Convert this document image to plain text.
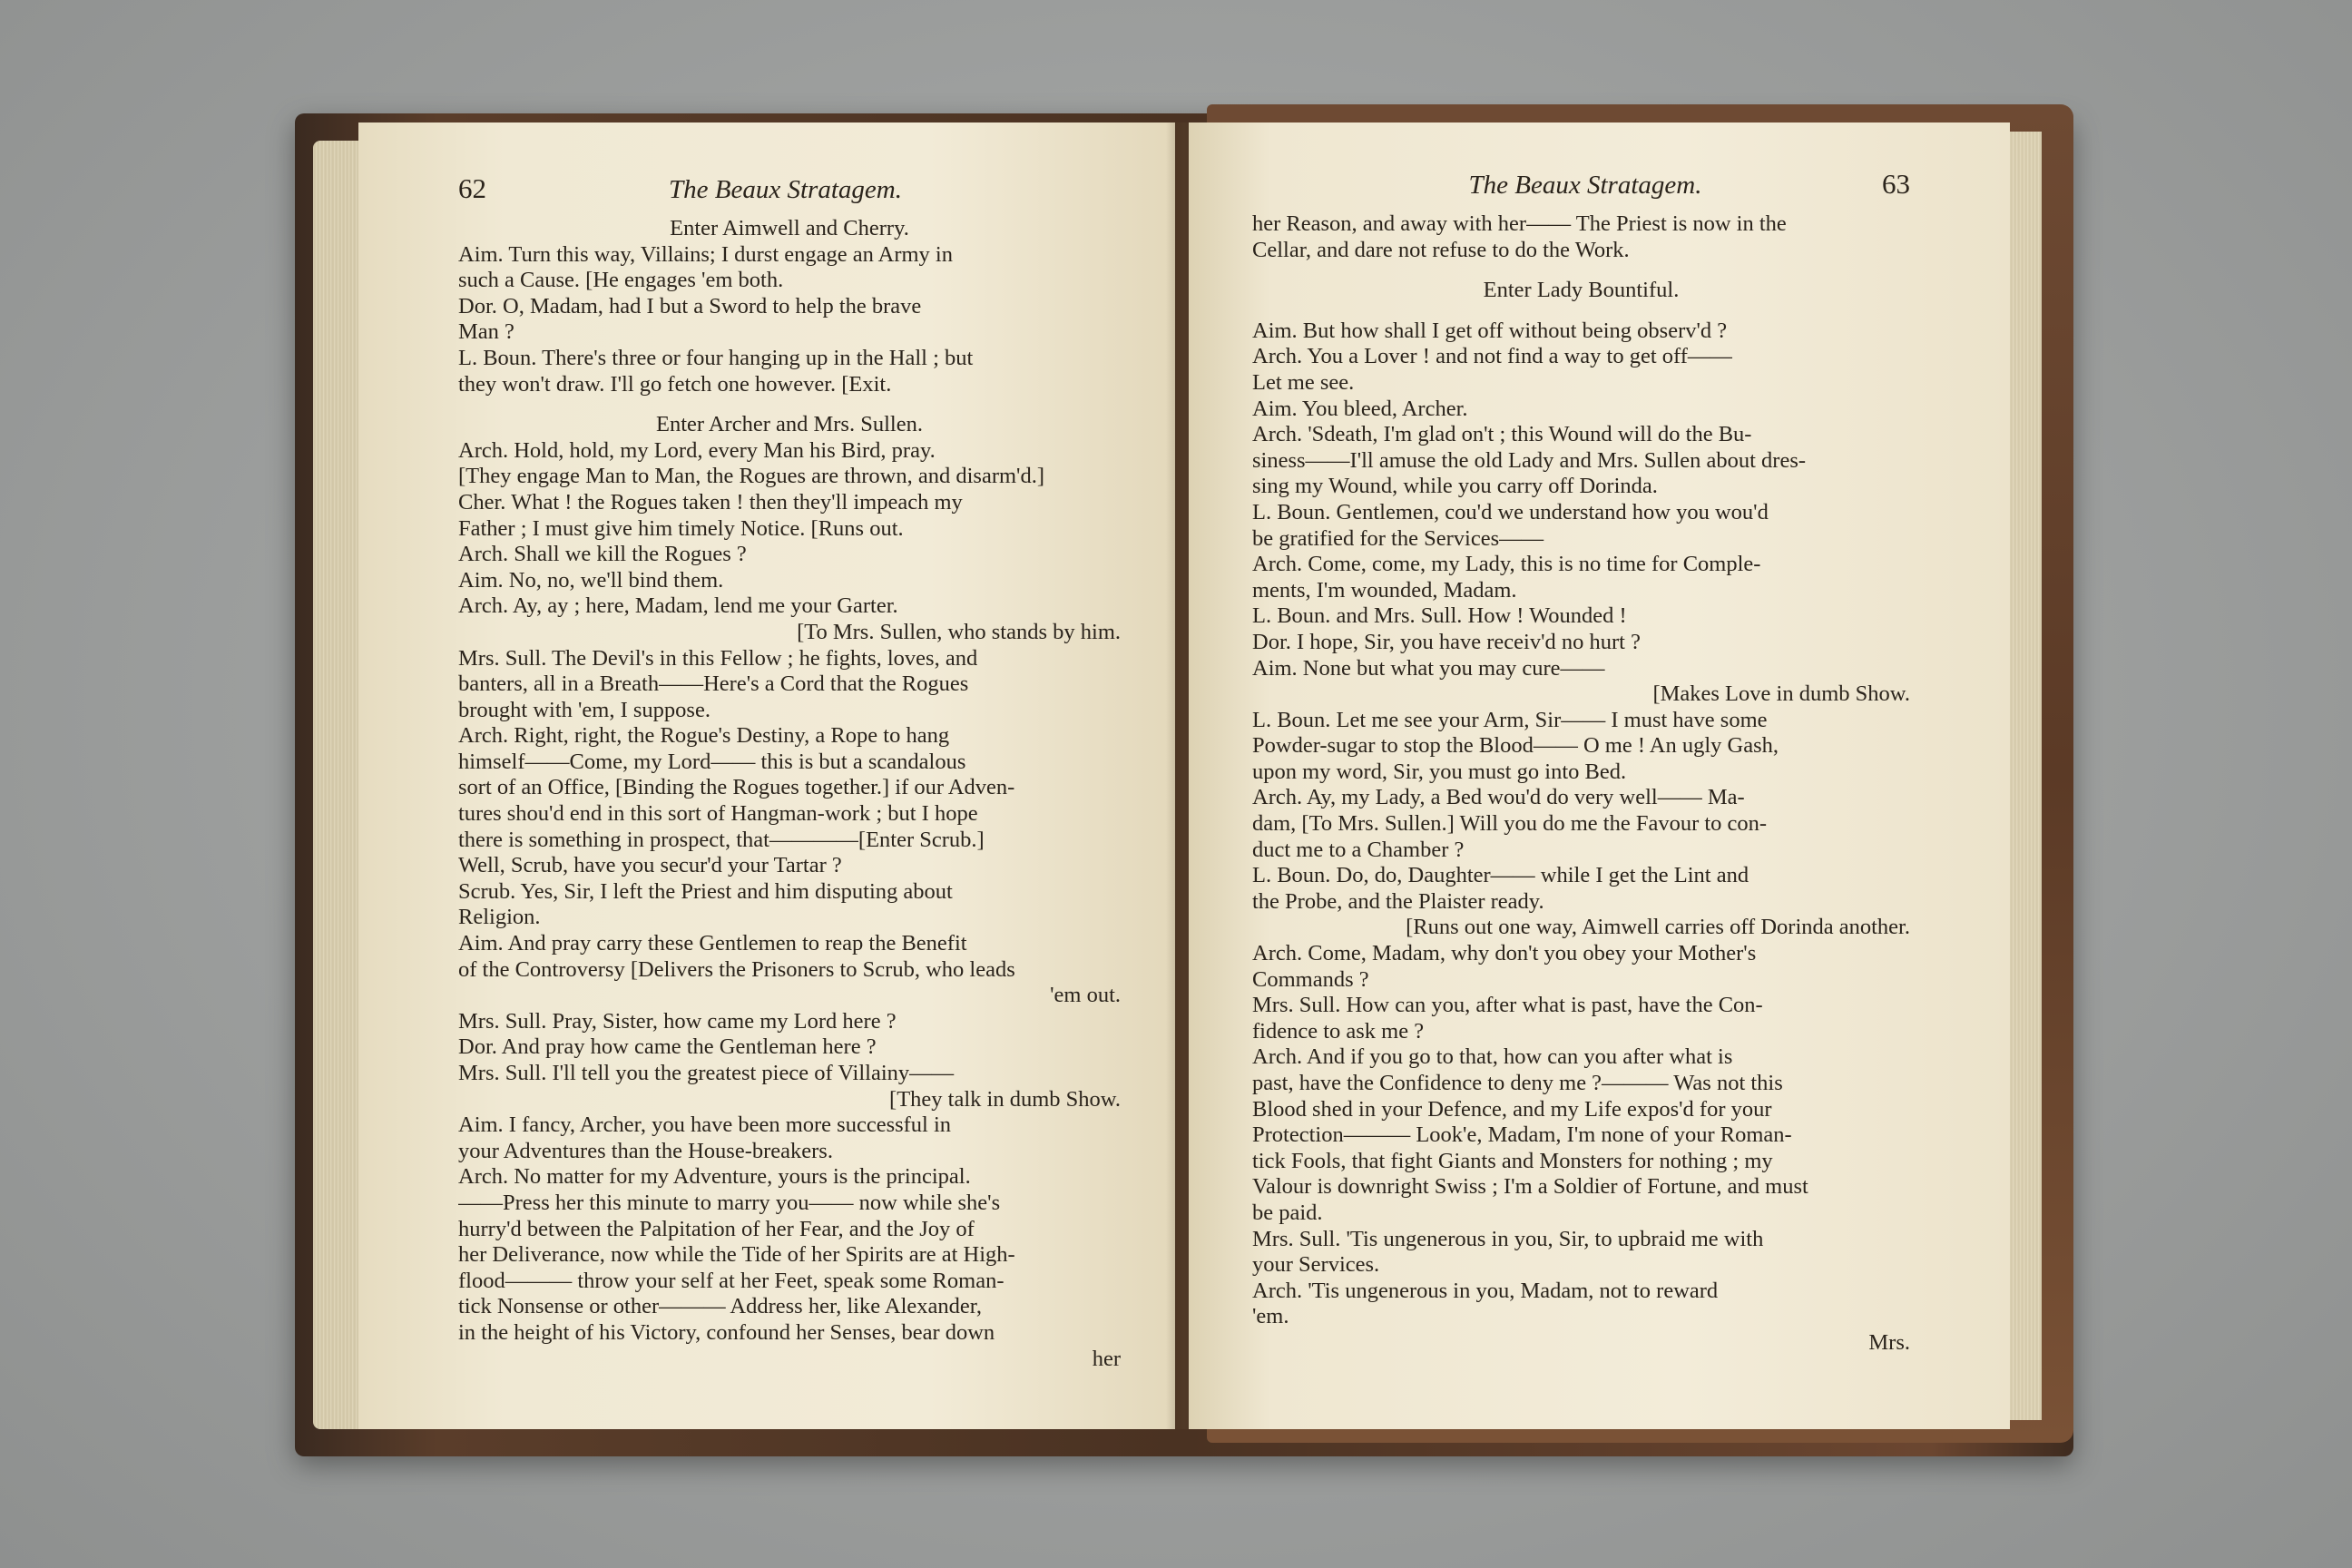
62	The Beaux Stratagem.
Enter Aimwell and Cherry.
Aim. Turn this way, Villains; I durst engage an Army in
such a Cause. [He engages 'em both.
Dor. O, Madam, had I but a Sword to help the brave
Man ?
L. Boun. There's three or four hanging up in the Hall ; but
they won't draw. I'll go fetch one however. [Exit.
Enter Archer and Mrs. Sullen.
Arch. Hold, hold, my Lord, every Man his Bird, pray.
[They engage Man to Man, the Rogues are thrown, and disarm'd.]
Cher. What ! the Rogues taken ! then they'll impeach my
Father ; I must give him timely Notice. [Runs out.
Arch. Shall we kill the Rogues ?
Aim. No, no, we'll bind them.
Arch. Ay, ay ; here, Madam, lend me your Garter.
[To Mrs. Sullen, who stands by him.
Mrs. Sull. The Devil's in this Fellow ; he fights, loves, and
banters, all in a Breath——Here's a Cord that the Rogues
brought with 'em, I suppose.
Arch. Right, right, the Rogue's Destiny, a Rope to hang
himself——Come, my Lord—— this is but a scandalous
sort of an Office, [Binding the Rogues together.] if our Adven-
tures shou'd end in this sort of Hangman-work ; but I hope
there is something in prospect, that————[Enter Scrub.]
Well, Scrub, have you secur'd your Tartar ?
Scrub. Yes, Sir, I left the Priest and him disputing about
Religion.
Aim. And pray carry these Gentlemen to reap the Benefit
of the Controversy [Delivers the Prisoners to Scrub, who leads
'em out.
Mrs. Sull. Pray, Sister, how came my Lord here ?
Dor. And pray how came the Gentleman here ?
Mrs. Sull. I'll tell you the greatest piece of Villainy——
[They talk in dumb Show.
Aim. I fancy, Archer, you have been more successful in
your Adventures than the House-breakers.
Arch. No matter for my Adventure, yours is the principal.
——Press her this minute to marry you—— now while she's
hurry'd between the Palpitation of her Fear, and the Joy of
her Deliverance, now while the Tide of her Spirits are at High-
flood——— throw your self at her Feet, speak some Roman-
tick Nonsense or other——— Address her, like Alexander,
in the height of his Victory, confound her Senses, bear down
her
The Beaux Stratagem.	63
her Reason, and away with her—— The Priest is now in the
Cellar, and dare not refuse to do the Work.
Enter Lady Bountiful.
Aim. But how shall I get off without being observ'd ?
Arch. You a Lover ! and not find a way to get off——
Let me see.
Aim. You bleed, Archer.
Arch. 'Sdeath, I'm glad on't ; this Wound will do the Bu-
siness——I'll amuse the old Lady and Mrs. Sullen about dres-
sing my Wound, while you carry off Dorinda.
L. Boun. Gentlemen, cou'd we understand how you wou'd
be gratified for the Services——
Arch. Come, come, my Lady, this is no time for Comple-
ments, I'm wounded, Madam.
L. Boun. and Mrs. Sull. How ! Wounded !
Dor. I hope, Sir, you have receiv'd no hurt ?
Aim. None but what you may cure——
[Makes Love in dumb Show.
L. Boun. Let me see your Arm, Sir—— I must have some
Powder-sugar to stop the Blood—— O me ! An ugly Gash,
upon my word, Sir, you must go into Bed.
Arch. Ay, my Lady, a Bed wou'd do very well—— Ma-
dam, [To Mrs. Sullen.] Will you do me the Favour to con-
duct me to a Chamber ?
L. Boun. Do, do, Daughter—— while I get the Lint and
the Probe, and the Plaister ready.
[Runs out one way, Aimwell carries off Dorinda another.
Arch. Come, Madam, why don't you obey your Mother's
Commands ?
Mrs. Sull. How can you, after what is past, have the Con-
fidence to ask me ?
Arch. And if you go to that, how can you after what is
past, have the Confidence to deny me ?——— Was not this
Blood shed in your Defence, and my Life expos'd for your
Protection——— Look'e, Madam, I'm none of your Roman-
tick Fools, that fight Giants and Monsters for nothing ; my
Valour is downright Swiss ; I'm a Soldier of Fortune, and must
be paid.
Mrs. Sull. 'Tis ungenerous in you, Sir, to upbraid me with
your Services.
Arch. 'Tis ungenerous in you, Madam, not to reward
'em.
Mrs.
